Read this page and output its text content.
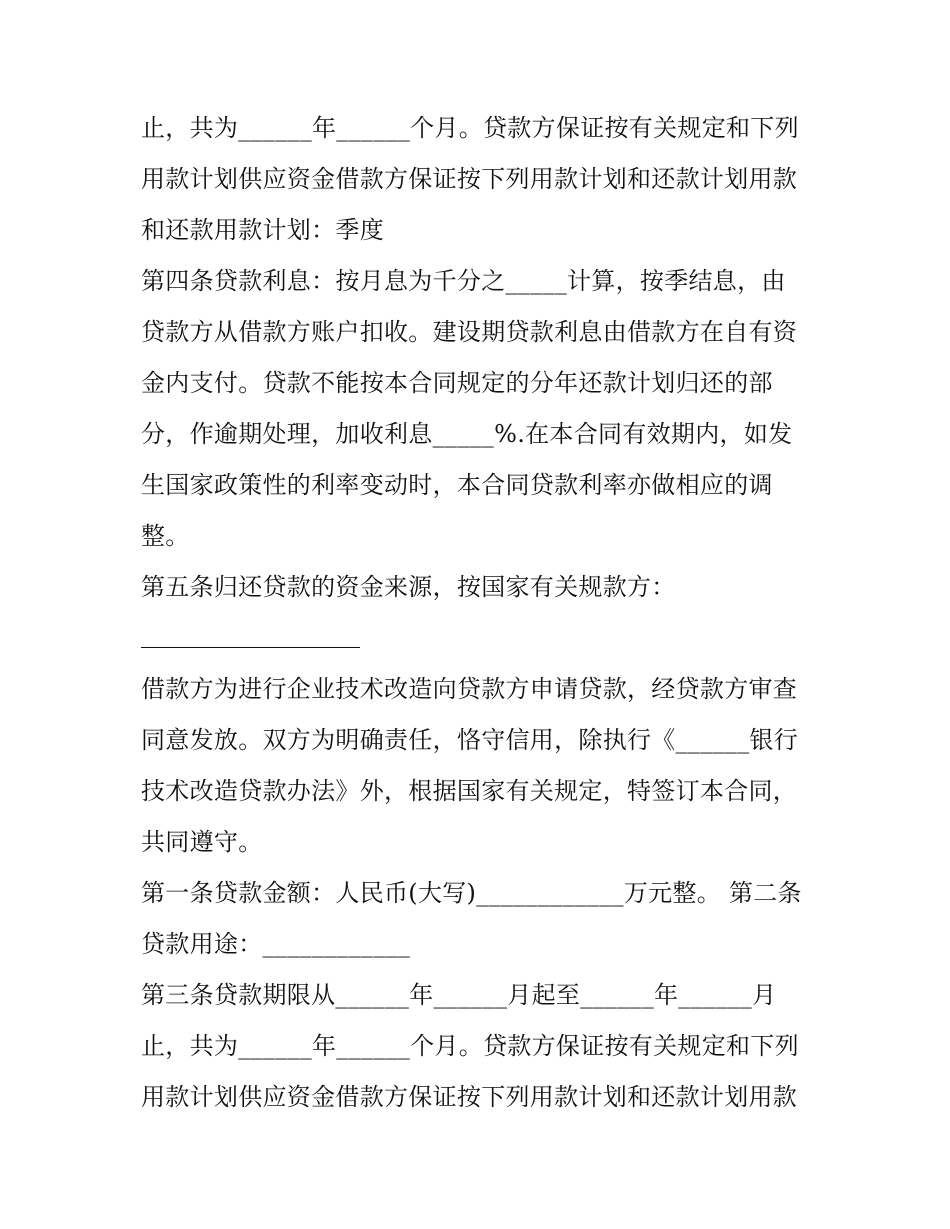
止，共为______年______个月。贷款方保证按有关规定和下列
用款计划供应资金借款方保证按下列用款计划和还款计划用款
和还款用款计划：季度
第四条贷款利息：按月息为千分之_____计算，按季结息，由
贷款方从借款方账户扣收。建设期贷款利息由借款方在自有资
金内支付。贷款不能按本合同规定的分年还款计划归还的部
分，作逾期处理，加收利息_____%.在本合同有效期内，如发
生国家政策性的利率变动时，本合同贷款利率亦做相应的调
整。
第五条归还贷款的资金来源，按国家有关规款方：
借款方为进行企业技术改造向贷款方申请贷款，经贷款方审查
同意发放。双方为明确责任，恪守信用，除执行《______银行
技术改造贷款办法》外，根据国家有关规定，特签订本合同，
共同遵守。
第一条贷款金额：人民币(大写)____________万元整。 第二条
贷款用途：____________
第三条贷款期限从______年______月起至______年______月
止，共为______年______个月。贷款方保证按有关规定和下列
用款计划供应资金借款方保证按下列用款计划和还款计划用款
